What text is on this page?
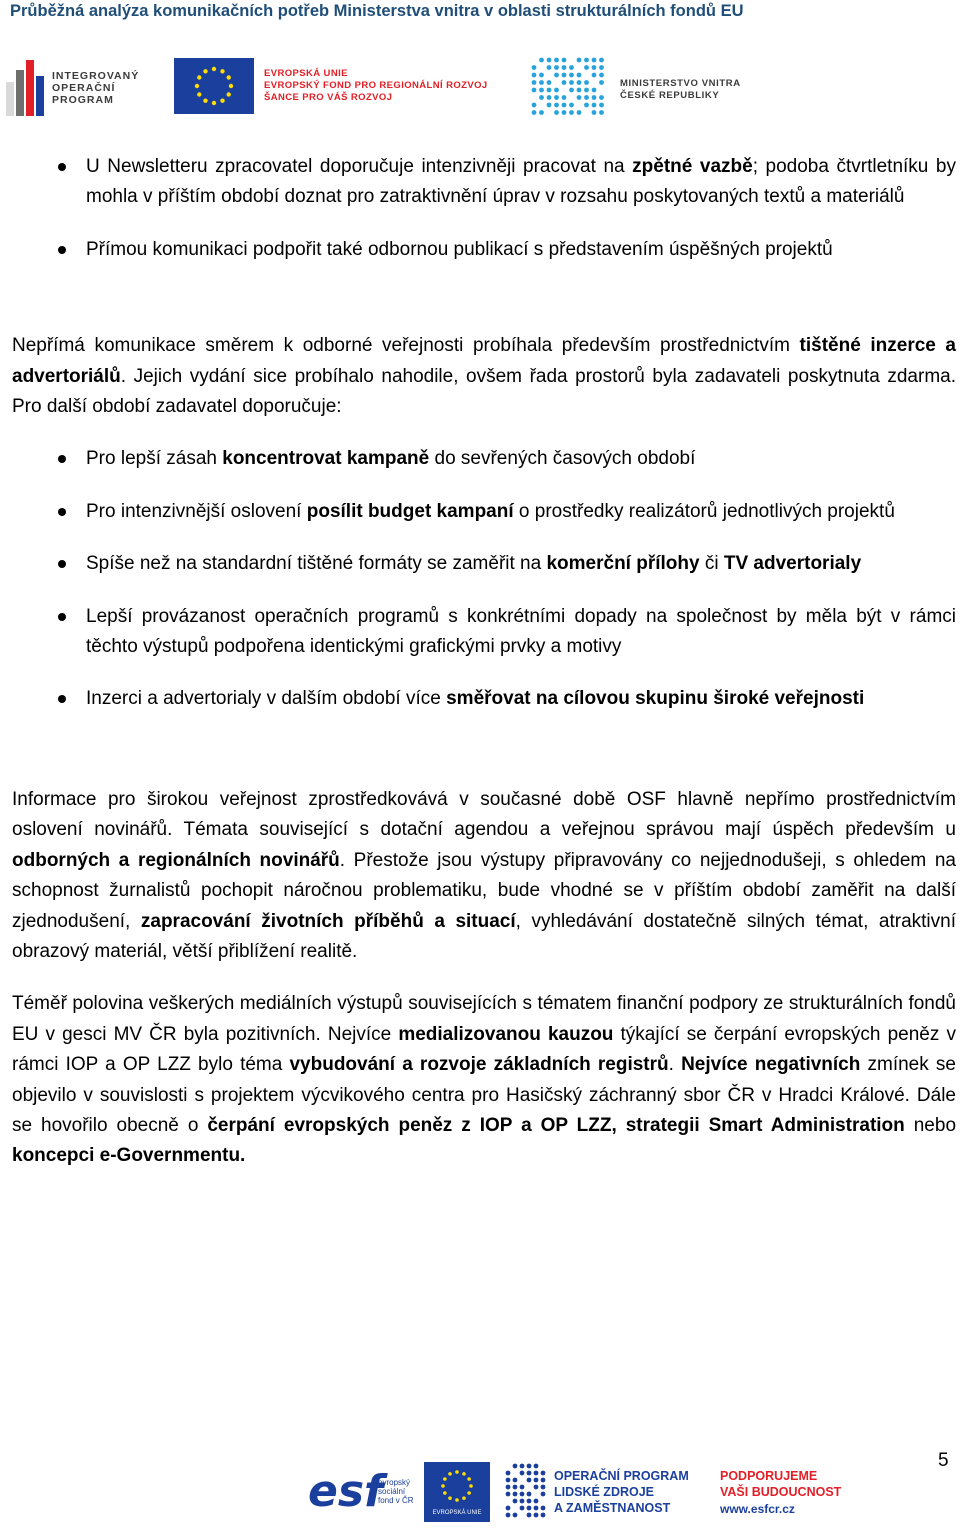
Průběžná analýza komunikačních potřeb Ministerstva vnitra v oblasti strukturálních fondů EU
INTEGROVANÝ
OPERAČNÍ
PROGRAM
EVROPSKÁ UNIE
EVROPSKÝ FOND PRO REGIONÁLNÍ ROZVOJ
ŠANCE PRO VÁŠ ROZVOJ
MINISTERSTVO VNITRA
ČESKÉ REPUBLIKY
U Newsletteru zpracovatel doporučuje intenzivněji pracovat na zpětné vazbě; podoba čtvrtletníku by mohla v příštím období doznat pro zatraktivnění úprav v rozsahu poskytovaných textů a materiálů
Přímou komunikaci podpořit také odbornou publikací s představením úspěšných projektů

Nepřímá komunikace směrem k odborné veřejnosti probíhala především prostřednictvím tištěné inzerce a advertoriálů. Jejich vydání sice probíhalo nahodile, ovšem řada prostorů byla zadavateli poskytnuta zdarma. Pro další období zadavatel doporučuje:

Pro lepší zásah koncentrovat kampaně do sevřených časových období
Pro intenzivnější oslovení posílit budget kampaní o prostředky realizátorů jednotlivých projektů
Spíše než na standardní tištěné formáty se zaměřit na komerční přílohy či TV advertorialy
Lepší provázanost operačních programů s konkrétními dopady na společnost by měla být v rámci těchto výstupů podpořena identickými grafickými prvky a motivy
Inzerci a advertorialy v dalším období více směřovat na cílovou skupinu široké veřejnosti

Informace pro širokou veřejnost zprostředkovává v současné době OSF hlavně nepřímo prostřednictvím oslovení novinářů. Témata související s dotační agendou a veřejnou správou mají úspěch především u odborných a regionálních novinářů. Přestože jsou výstupy připravovány co nejjednodušeji, s ohledem na schopnost žurnalistů pochopit náročnou problematiku, bude vhodné se v příštím období zaměřit na další zjednodušení, zapracování životních příběhů a situací, vyhledávání dostatečně silných témat, atraktivní obrazový materiál, větší přiblížení realitě.

Téměř polovina veškerých mediálních výstupů souvisejících s tématem finanční podpory ze strukturálních fondů EU v gesci MV ČR byla pozitivních. Nejvíce medializovanou kauzou týkající se čerpání evropských peněz v rámci IOP a OP LZZ bylo téma vybudování a rozvoje základních registrů. Nejvíce negativních zmínek se objevilo v souvislosti s projektem výcvikového centra pro Hasičský záchranný sbor ČR v Hradci Králové. Dále se hovořilo obecně o čerpání evropských peněz z IOP a OP LZZ, strategii Smart Administration nebo koncepci e-Governmentu.

5
esf
evropský
sociální
fond v ČR
EVROPSKÁ UNIE
OPERAČNÍ PROGRAM
LIDSKÉ ZDROJE
A ZAMĚSTNANOST
PODPORUJEME
VAŠI BUDOUCNOST
www.esfcr.cz
